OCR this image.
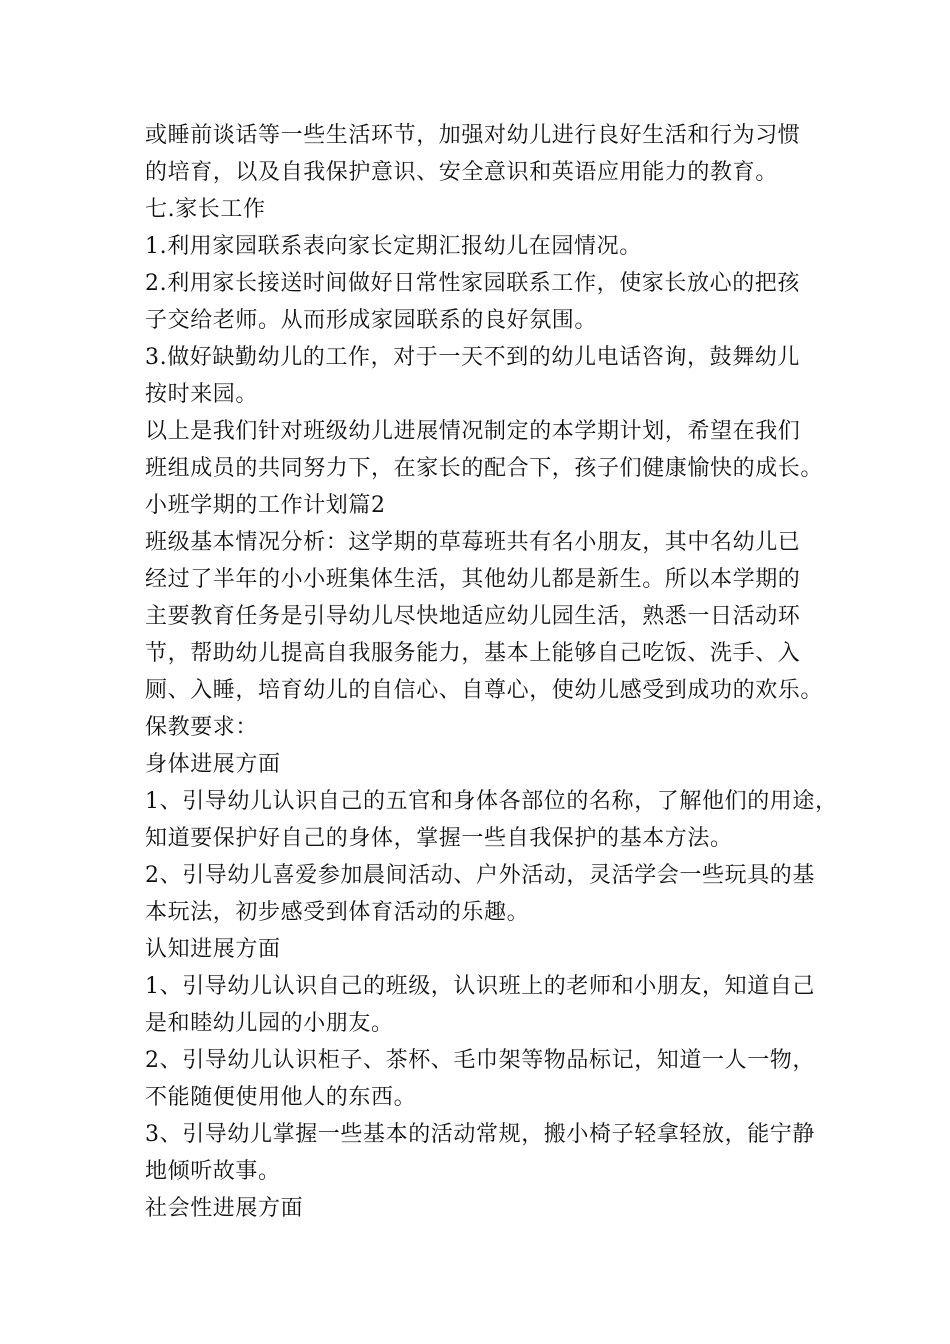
或睡前谈话等一些生活环节，加强对幼儿进行良好生活和行为习惯
的培育，以及自我保护意识、安全意识和英语应用能力的教育。
七.家长工作
1.利用家园联系表向家长定期汇报幼儿在园情况。
2.利用家长接送时间做好日常性家园联系工作，使家长放心的把孩
子交给老师。从而形成家园联系的良好氛围。
3.做好缺勤幼儿的工作，对于一天不到的幼儿电话咨询，鼓舞幼儿
按时来园。
以上是我们针对班级幼儿进展情况制定的本学期计划，希望在我们
班组成员的共同努力下，在家长的配合下，孩子们健康愉快的成长。
小班学期的工作计划篇2
班级基本情况分析：这学期的草莓班共有名小朋友，其中名幼儿已
经过了半年的小小班集体生活，其他幼儿都是新生。所以本学期的
主要教育任务是引导幼儿尽快地适应幼儿园生活，熟悉一日活动环
节，帮助幼儿提高自我服务能力，基本上能够自己吃饭、洗手、入
厕、入睡，培育幼儿的自信心、自尊心，使幼儿感受到成功的欢乐。
保教要求：
身体进展方面
1、引导幼儿认识自己的五官和身体各部位的名称，了解他们的用途，
知道要保护好自己的身体，掌握一些自我保护的基本方法。
2、引导幼儿喜爱参加晨间活动、户外活动，灵活学会一些玩具的基
本玩法，初步感受到体育活动的乐趣。
认知进展方面
1、引导幼儿认识自己的班级，认识班上的老师和小朋友，知道自己
是和睦幼儿园的小朋友。
2、引导幼儿认识柜子、茶杯、毛巾架等物品标记，知道一人一物，
不能随便使用他人的东西。
3、引导幼儿掌握一些基本的活动常规，搬小椅子轻拿轻放，能宁静
地倾听故事。
社会性进展方面
